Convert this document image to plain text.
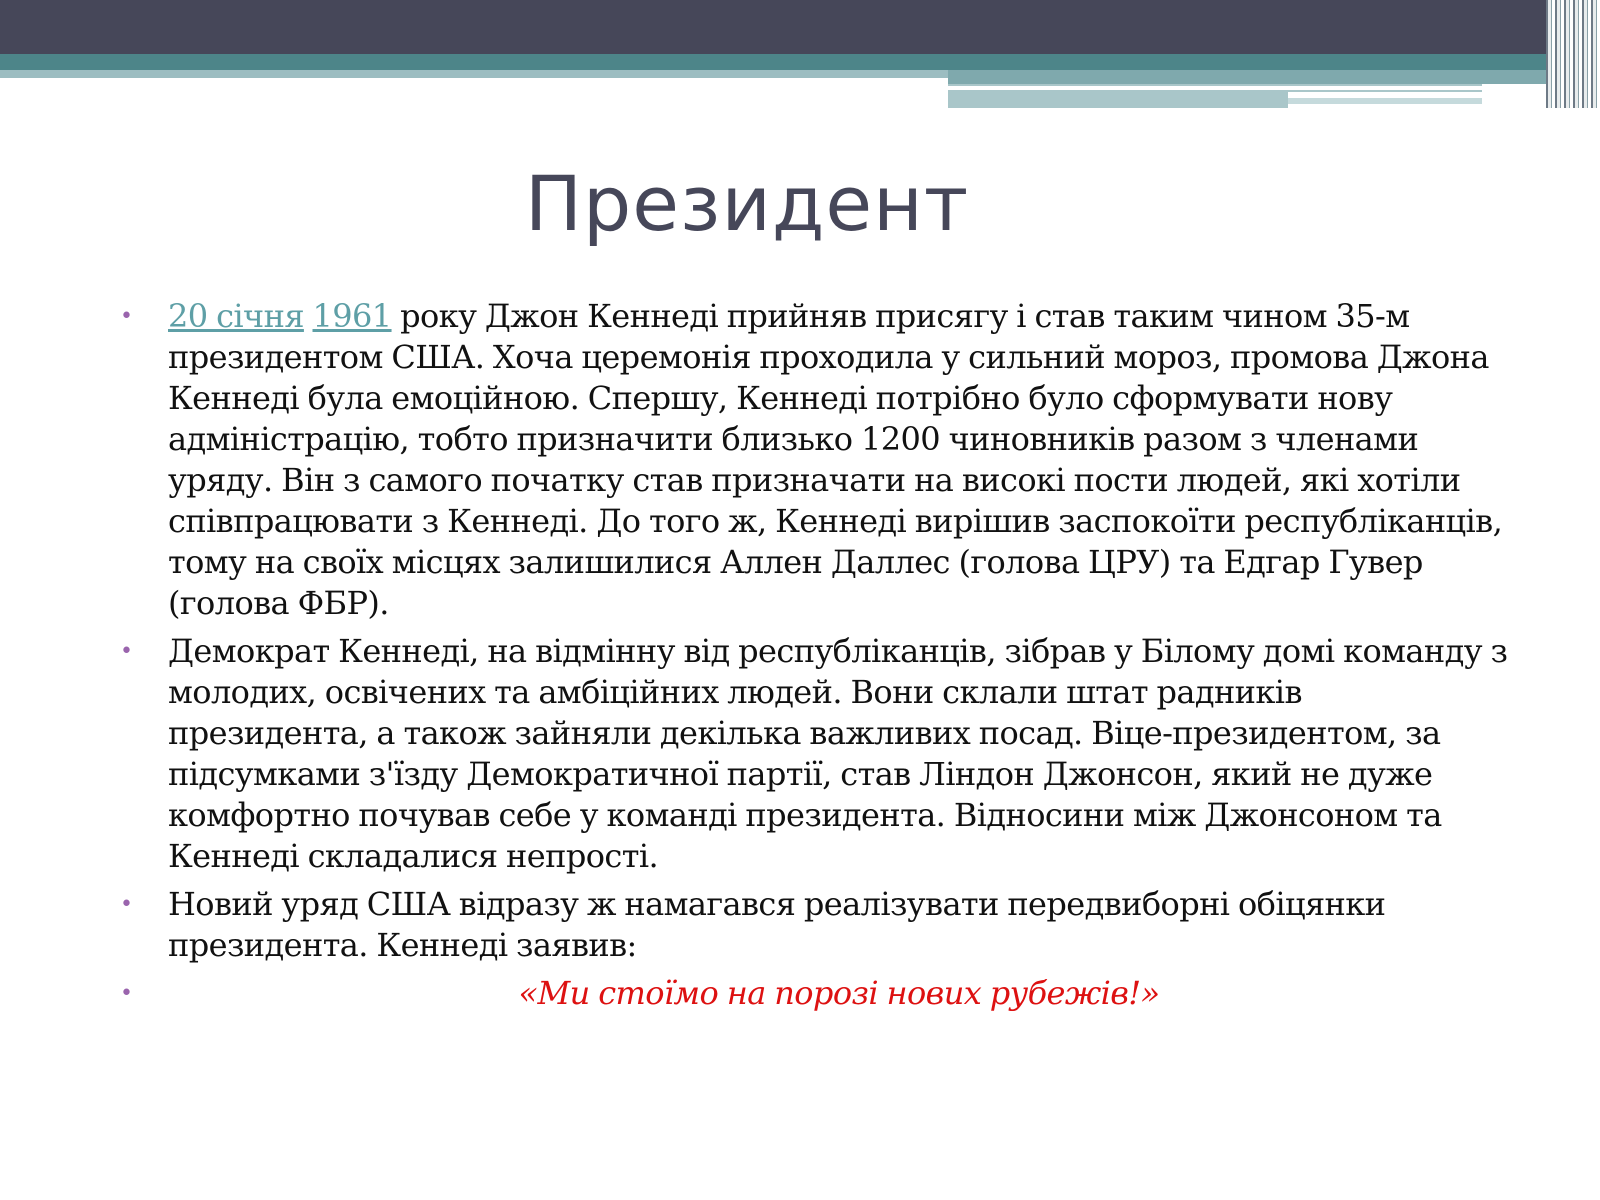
Президент
• 20 січня 1961 року Джон Кеннеді прийняв присягу і став таким чином 35-м президентом США. Хоча церемонія проходила у сильний мороз, промова Джона Кеннеді була емоційною. Спершу, Кеннеді потрібно було сформувати нову адміністрацію, тобто призначити близько 1200 чиновників разом з членами уряду. Він з самого початку став призначати на високі пости людей, які хотіли співпрацювати з Кеннеді. До того ж, Кеннеді вирішив заспокоїти республіканців, тому на своїх місцях залишилися Аллен Даллес (голова ЦРУ) та Едгар Гувер (голова ФБР).
• Демократ Кеннеді, на відмінну від республіканців, зібрав у Білому домі команду з молодих, освічених та амбіційних людей. Вони склали штат радників президента, а також зайняли декілька важливих посад. Віце-президентом, за підсумками з'їзду Демократичної партії, став Ліндон Джонсон, який не дуже комфортно почував себе у команді президента. Відносини між Джонсоном та Кеннеді складалися непрості.
• Новий уряд США відразу ж намагався реалізувати передвиборні обіцянки президента. Кеннеді заявив:
•	«Ми стоїмо на порозі нових рубежів!»
